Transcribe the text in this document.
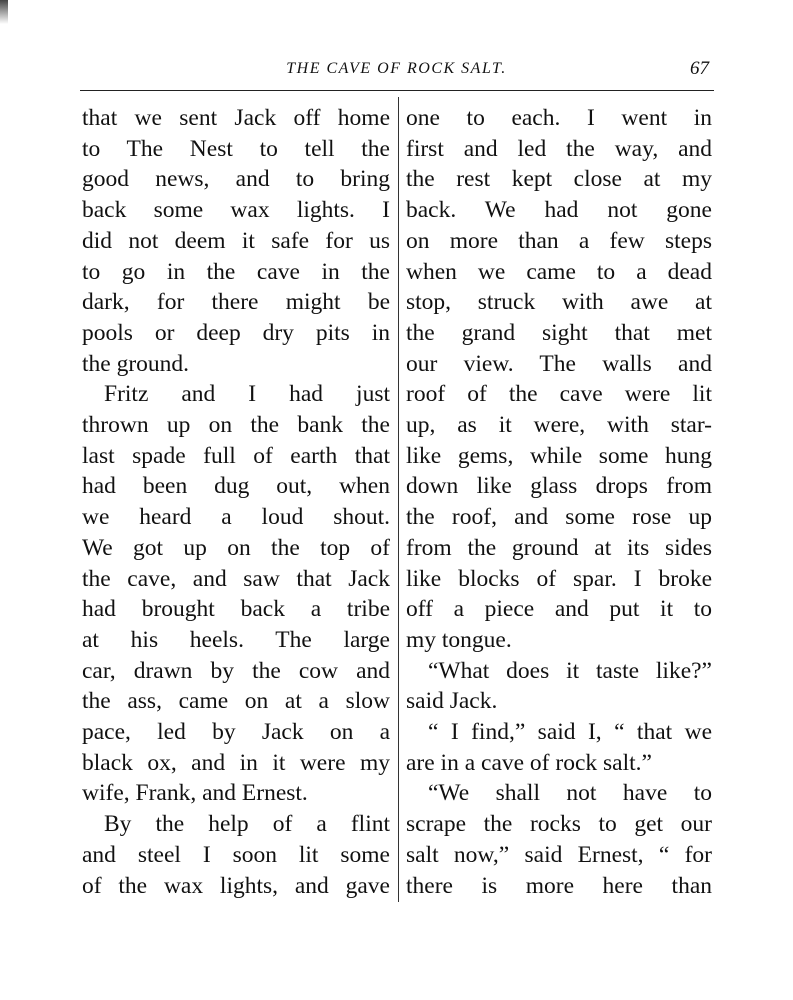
THE CAVE OF ROCK SALT.	67
that we sent Jack off home
to The Nest to tell the
good news, and to bring
back some wax lights. I
did not deem it safe for us
to go in the cave in the
dark, for there might be
pools or deep dry pits in
the ground.
Fritz and I had just
thrown up on the bank the
last spade full of earth that
had been dug out, when
we heard a loud shout.
We got up on the top of
the cave, and saw that Jack
had brought back a tribe
at his heels. The large
car, drawn by the cow and
the ass, came on at a slow
pace, led by Jack on a
black ox, and in it were my
wife, Frank, and Ernest.
By the help of a flint
and steel I soon lit some
of the wax lights, and gave
one to each. I went in
first and led the way, and
the rest kept close at my
back. We had not gone
on more than a few steps
when we came to a dead
stop, struck with awe at
the grand sight that met
our view. The walls and
roof of the cave were lit
up, as it were, with star-
like gems, while some hung
down like glass drops from
the roof, and some rose up
from the ground at its sides
like blocks of spar. I broke
off a piece and put it to
my tongue.
“What does it taste like?”
said Jack.
“ I find,” said I, “ that we
are in a cave of rock salt.”
“We shall not have to
scrape the rocks to get our
salt now,” said Ernest, “ for
there is more here than
